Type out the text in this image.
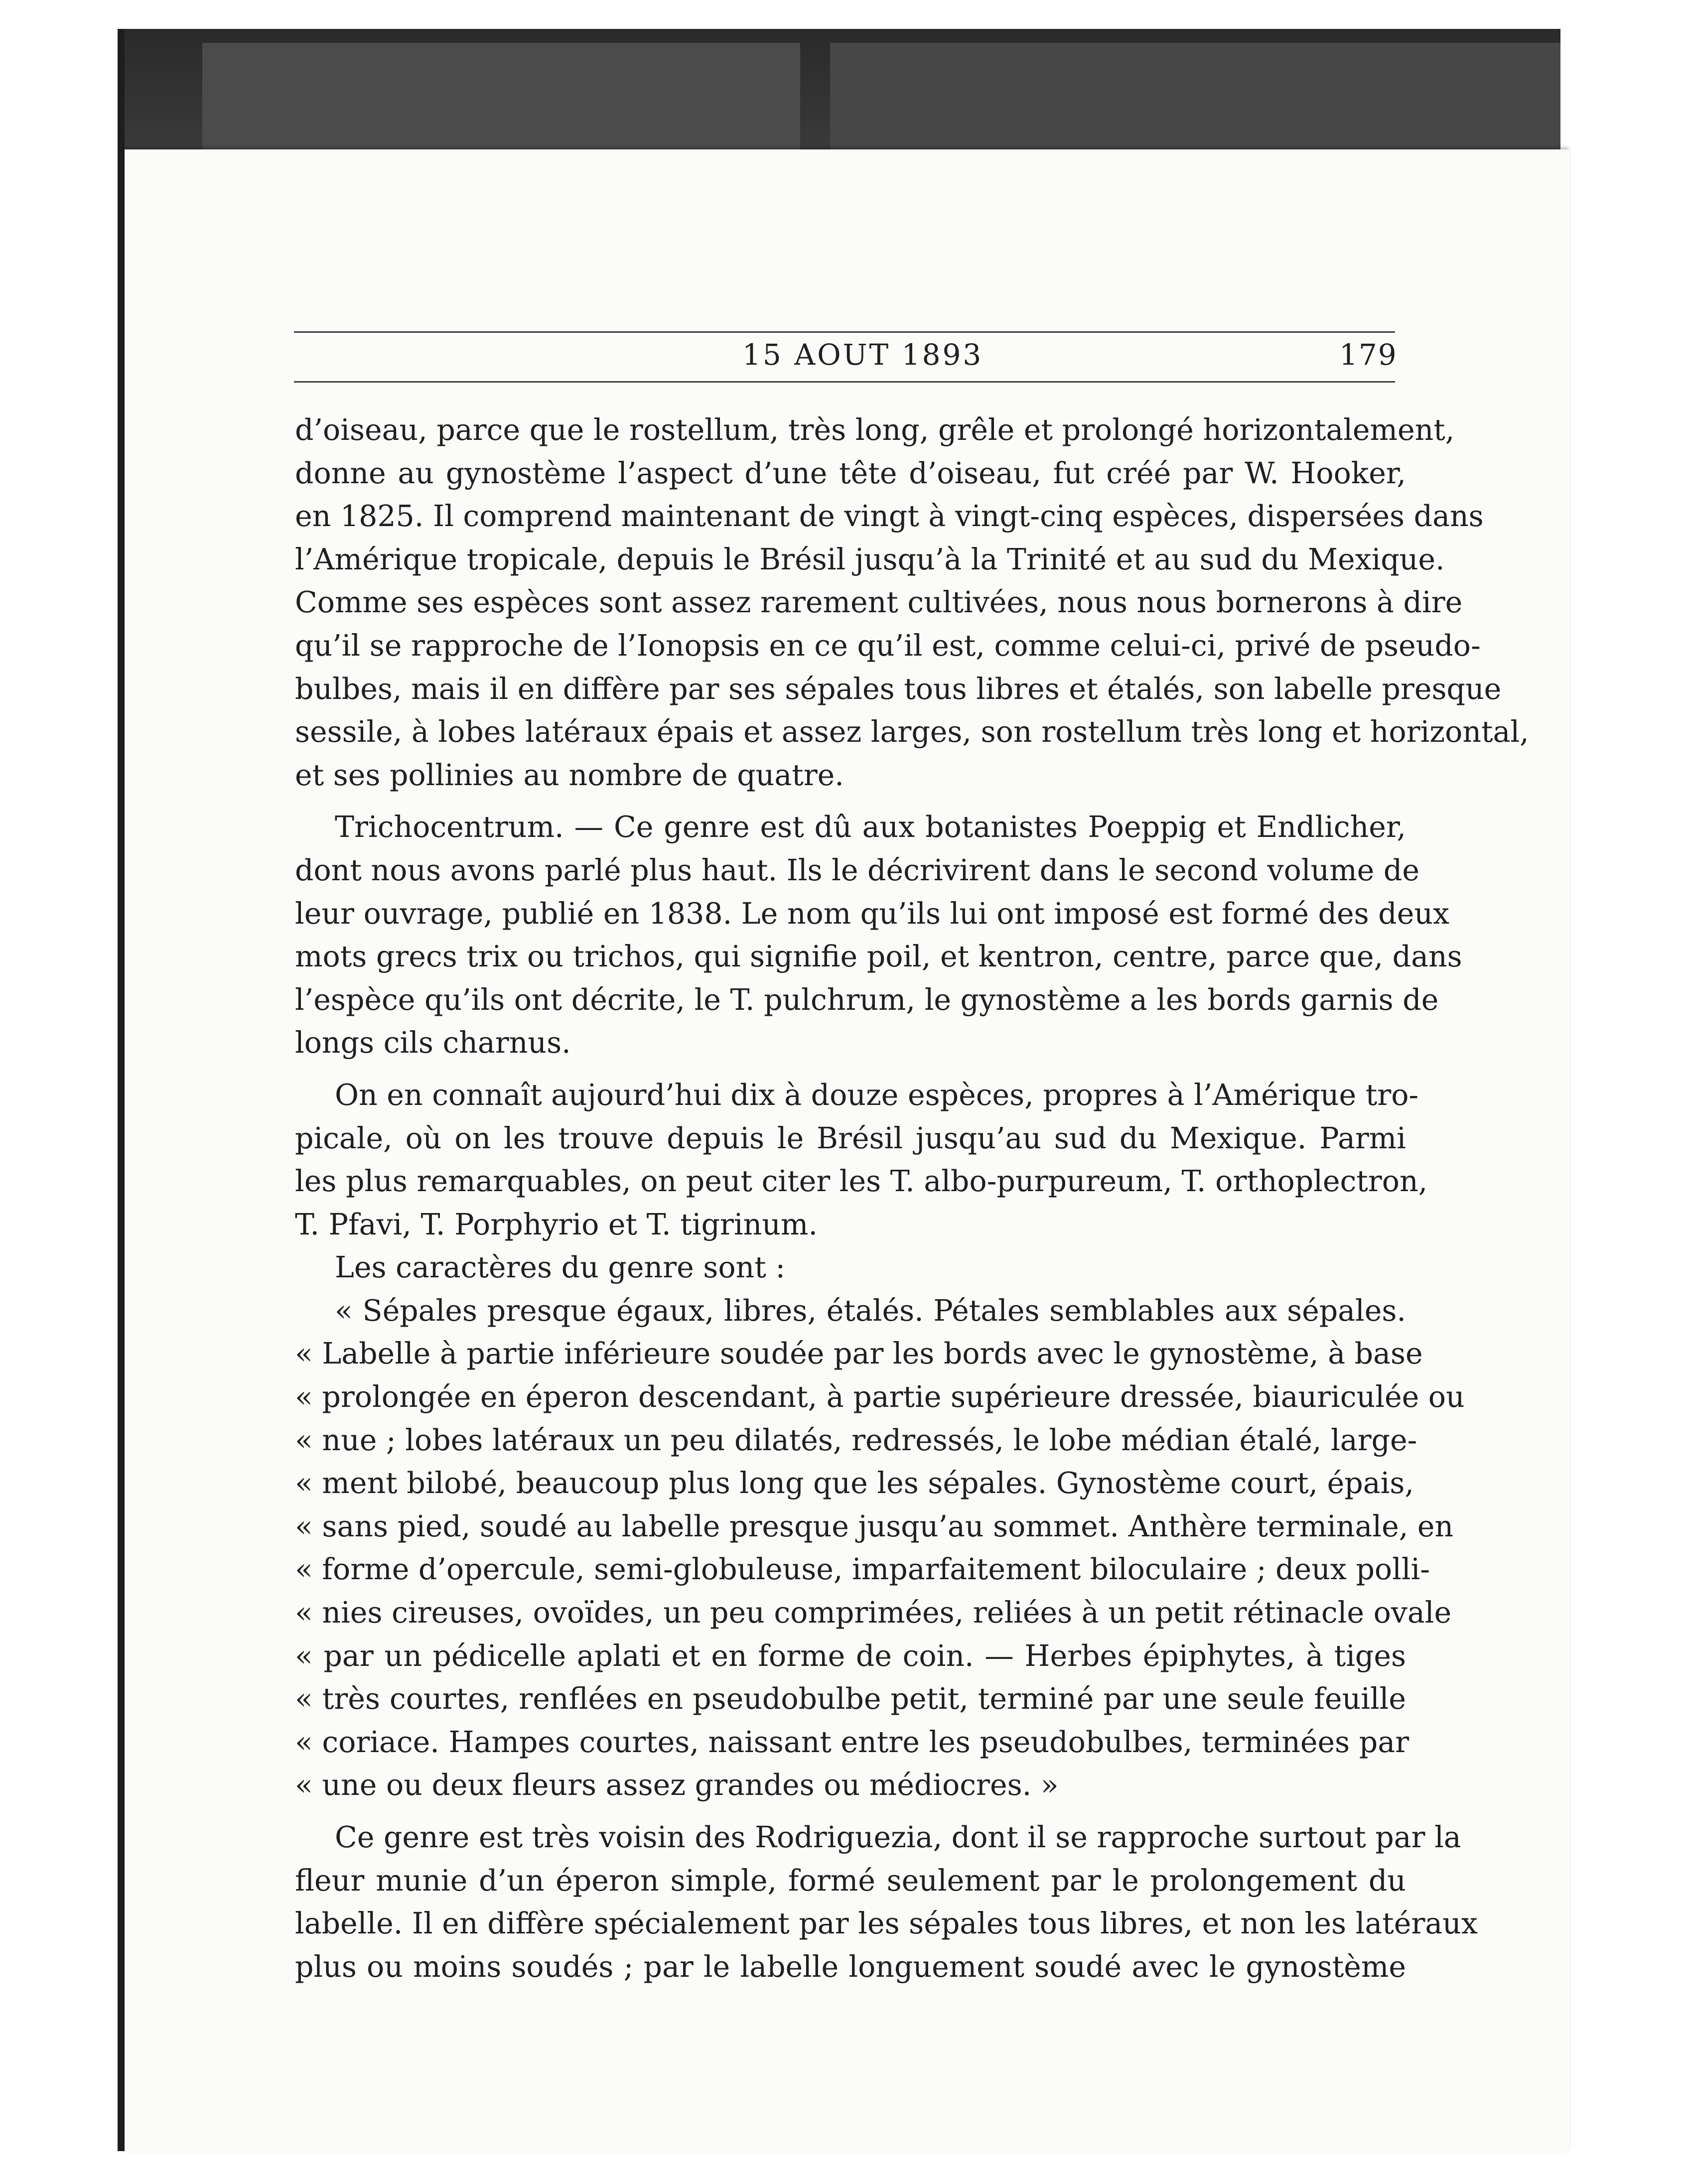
15 AOUT 1893	179
d’oiseau, parce que le rostellum, très long, grêle et prolongé horizontalement,
donne au gynostème l’aspect d’une tête d’oiseau, fut créé par W. Hooker,
en 1825. Il comprend maintenant de vingt à vingt-cinq espèces, dispersées dans
l’Amérique tropicale, depuis le Brésil jusqu’à la Trinité et au sud du Mexique.
Comme ses espèces sont assez rarement cultivées, nous nous bornerons à dire
qu’il se rapproche de l’Ionopsis en ce qu’il est, comme celui-ci, privé de pseudo-
bulbes, mais il en diffère par ses sépales tous libres et étalés, son labelle presque
sessile, à lobes latéraux épais et assez larges, son rostellum très long et horizontal,
et ses pollinies au nombre de quatre.
Trichocentrum. — Ce genre est dû aux botanistes Poeppig et Endlicher,
dont nous avons parlé plus haut. Ils le décrivirent dans le second volume de
leur ouvrage, publié en 1838. Le nom qu’ils lui ont imposé est formé des deux
mots grecs trix ou trichos, qui signifie poil, et kentron, centre, parce que, dans
l’espèce qu’ils ont décrite, le T. pulchrum, le gynostème a les bords garnis de
longs cils charnus.
On en connaît aujourd’hui dix à douze espèces, propres à l’Amérique tro-
picale, où on les trouve depuis le Brésil jusqu’au sud du Mexique. Parmi
les plus remarquables, on peut citer les T. albo-purpureum, T. orthoplectron,
T. Pfavi, T. Porphyrio et T. tigrinum.
Les caractères du genre sont :
« Sépales presque égaux, libres, étalés. Pétales semblables aux sépales.
« Labelle à partie inférieure soudée par les bords avec le gynostème, à base
« prolongée en éperon descendant, à partie supérieure dressée, biauriculée ou
« nue ; lobes latéraux un peu dilatés, redressés, le lobe médian étalé, large-
« ment bilobé, beaucoup plus long que les sépales. Gynostème court, épais,
« sans pied, soudé au labelle presque jusqu’au sommet. Anthère terminale, en
« forme d’opercule, semi-globuleuse, imparfaitement biloculaire ; deux polli-
« nies cireuses, ovoïdes, un peu comprimées, reliées à un petit rétinacle ovale
« par un pédicelle aplati et en forme de coin. — Herbes épiphytes, à tiges
« très courtes, renflées en pseudobulbe petit, terminé par une seule feuille
« coriace. Hampes courtes, naissant entre les pseudobulbes, terminées par
« une ou deux fleurs assez grandes ou médiocres. »
Ce genre est très voisin des Rodriguezia, dont il se rapproche surtout par la
fleur munie d’un éperon simple, formé seulement par le prolongement du
labelle. Il en diffère spécialement par les sépales tous libres, et non les latéraux
plus ou moins soudés ; par le labelle longuement soudé avec le gynostème
